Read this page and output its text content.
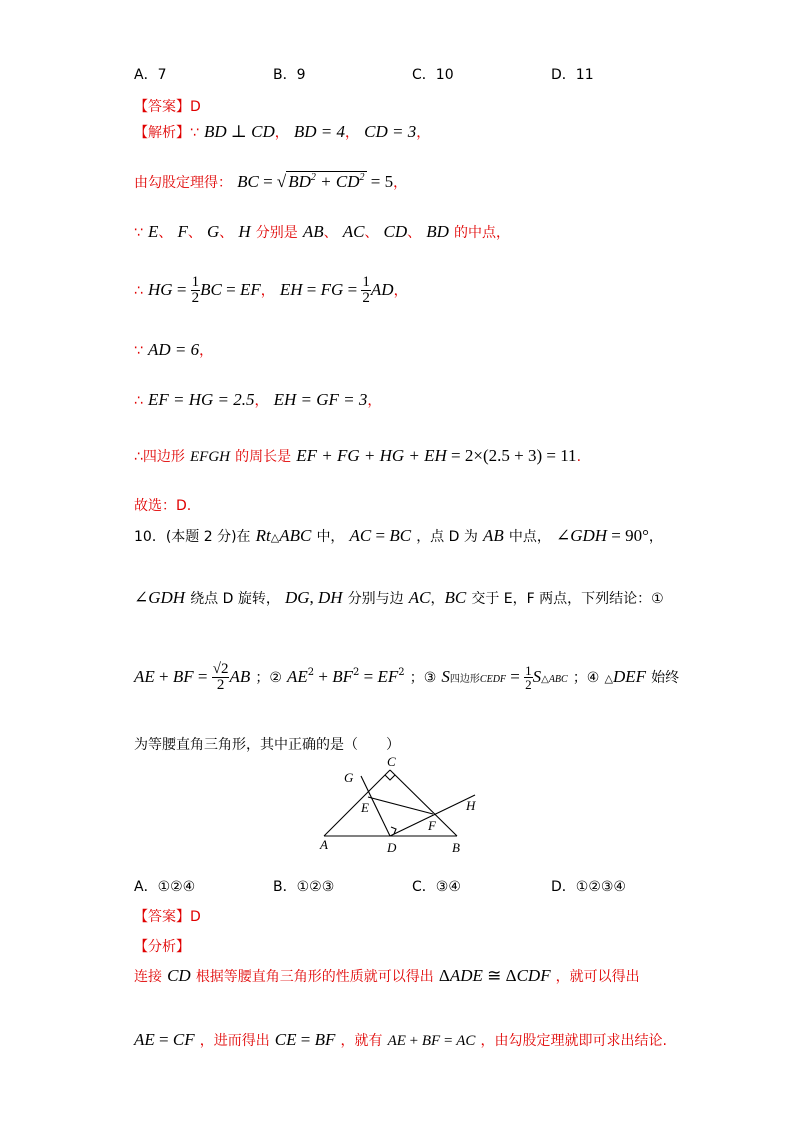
A．7	B．9	C．10	D．11
【答案】D
【解析】∵ BD ⊥ CD， BD = 4， CD = 3，
由勾股定理得： BC = √ $BD^2 + CD^2 = 5$，
∵ E、 F、 G、 H 分别是 AB、 AC、 CD、 BD 的中点，
∴ HG = $\frac{1}{2}$ BC = EF， EH = FG = $\frac{1}{2}$ AD，
∵ AD = 6，
∴ EF = HG = 2.5， EH = GF = 3，
∴四边形 EFGH 的周长是 EF + FG + HG + EH = 2×(2.5 + 3) = 11.
故选：D.
10．(本题 2 分)在 Rt△ABC 中， AC = BC ，点 D 为 AB 中点， ∠GDH = 90°，
∠GDH 绕点 D 旋转， DG, DH 分别与边 AC，BC 交于 E，F 两点，下列结论：①
AE + BF = $\frac{√2}{2}$ AB ；② $AE^2 + BF^2 = EF^2$ ；③ S四边形CEDF = $\frac{1}{2}$ S△ABC ；④ △DEF 始终
为等腰直角三角形，其中正确的是（　　）
G
C
E	H
F
A	D	B
A．①②④	B．①②③	C．③④	D．①②③④
【答案】D
【分析】
连接 CD 根据等腰直角三角形的性质就可以得出 ΔADE ≅ ΔCDF ，就可以得出
AE = CF ，进而得出 CE = BF ，就有 AE + BF = AC ，由勾股定理就即可求出结论.
